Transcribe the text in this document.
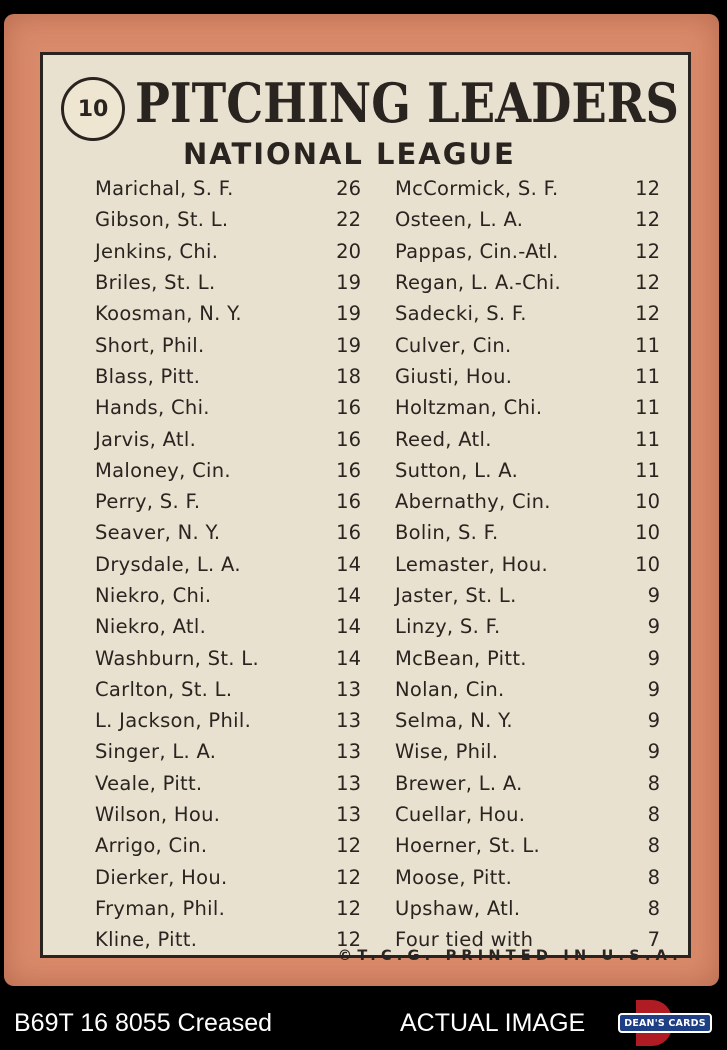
10 PITCHING LEADERS
NATIONAL LEAGUE
Marichal, S. F.	26
Gibson, St. L.	22
Jenkins, Chi.	20
Briles, St. L.	19
Koosman, N. Y.	19
Short, Phil.	19
Blass, Pitt.	18
Hands, Chi.	16
Jarvis, Atl.	16
Maloney, Cin.	16
Perry, S. F.	16
Seaver, N. Y.	16
Drysdale, L. A.	14
Niekro, Chi.	14
Niekro, Atl.	14
Washburn, St. L.	14
Carlton, St. L.	13
L. Jackson, Phil.	13
Singer, L. A.	13
Veale, Pitt.	13
Wilson, Hou.	13
Arrigo, Cin.	12
Dierker, Hou.	12
Fryman, Phil.	12
Kline, Pitt.	12
McCormick, S. F.	12
Osteen, L. A.	12
Pappas, Cin.-Atl.	12
Regan, L. A.-Chi.	12
Sadecki, S. F.	12
Culver, Cin.	11
Giusti, Hou.	11
Holtzman, Chi.	11
Reed, Atl.	11
Sutton, L. A.	11
Abernathy, Cin.	10
Bolin, S. F.	10
Lemaster, Hou.	10
Jaster, St. L.	9
Linzy, S. F.	9
McBean, Pitt.	9
Nolan, Cin.	9
Selma, N. Y.	9
Wise, Phil.	9
Brewer, L. A.	8
Cuellar, Hou.	8
Hoerner, St. L.	8
Moose, Pitt.	8
Upshaw, Atl.	8
Four tied with	7
©T.C.G. PRINTED IN U.S.A.
B69T 16 8055 Creased	ACTUAL IMAGE	DEAN'S CARDS
